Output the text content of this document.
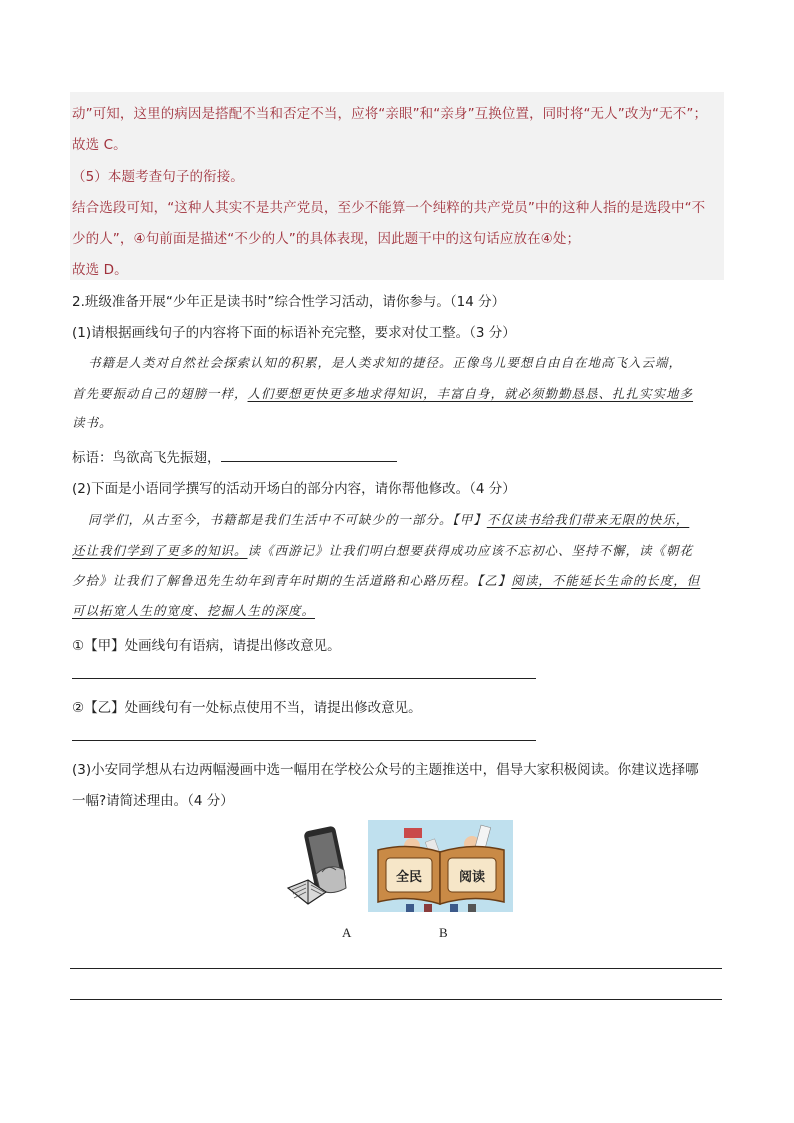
动”可知，这里的病因是搭配不当和否定不当，应将“亲眼”和“亲身”互换位置，同时将“无人”改为“无不”；
故选 C。
（5）本题考查句子的衔接。
结合选段可知，“这种人其实不是共产党员，至少不能算一个纯粹的共产党员”中的这种人指的是选段中“不
少的人”，④句前面是描述“不少的人”的具体表现，因此题干中的这句话应放在④处；
故选 D。
2.班级准备开展“少年正是读书时”综合性学习活动，请你参与。（14 分）
(1)请根据画线句子的内容将下面的标语补充完整，要求对仗工整。（3 分）
书籍是人类对自然社会探索认知的积累，是人类求知的捷径。正像鸟儿要想自由自在地高飞入云端，
首先要振动自己的翅膀一样，人们要想更快更多地求得知识，丰富自身，就必须勤勤恳恳、扎扎实实地多
读书。
标语：鸟欲高飞先振翅，
(2)下面是小语同学撰写的活动开场白的部分内容，请你帮他修改。（4 分）
同学们，从古至今，书籍都是我们生活中不可缺少的一部分。【甲】不仅读书给我们带来无限的快乐，
还让我们学到了更多的知识。读《西游记》让我们明白想要获得成功应该不忘初心、坚持不懈，读《朝花
夕拾》让我们了解鲁迅先生幼年到青年时期的生活道路和心路历程。【乙】阅读，不能延长生命的长度，但
可以拓宽人生的宽度、挖掘人生的深度。
①【甲】处画线句有语病，请提出修改意见。
②【乙】处画线句有一处标点使用不当，请提出修改意见。
(3)小安同学想从右边两幅漫画中选一幅用在学校公众号的主题推送中，倡导大家积极阅读。你建议选择哪
一幅?请简述理由。（4 分）
全民	阅读
A	B
